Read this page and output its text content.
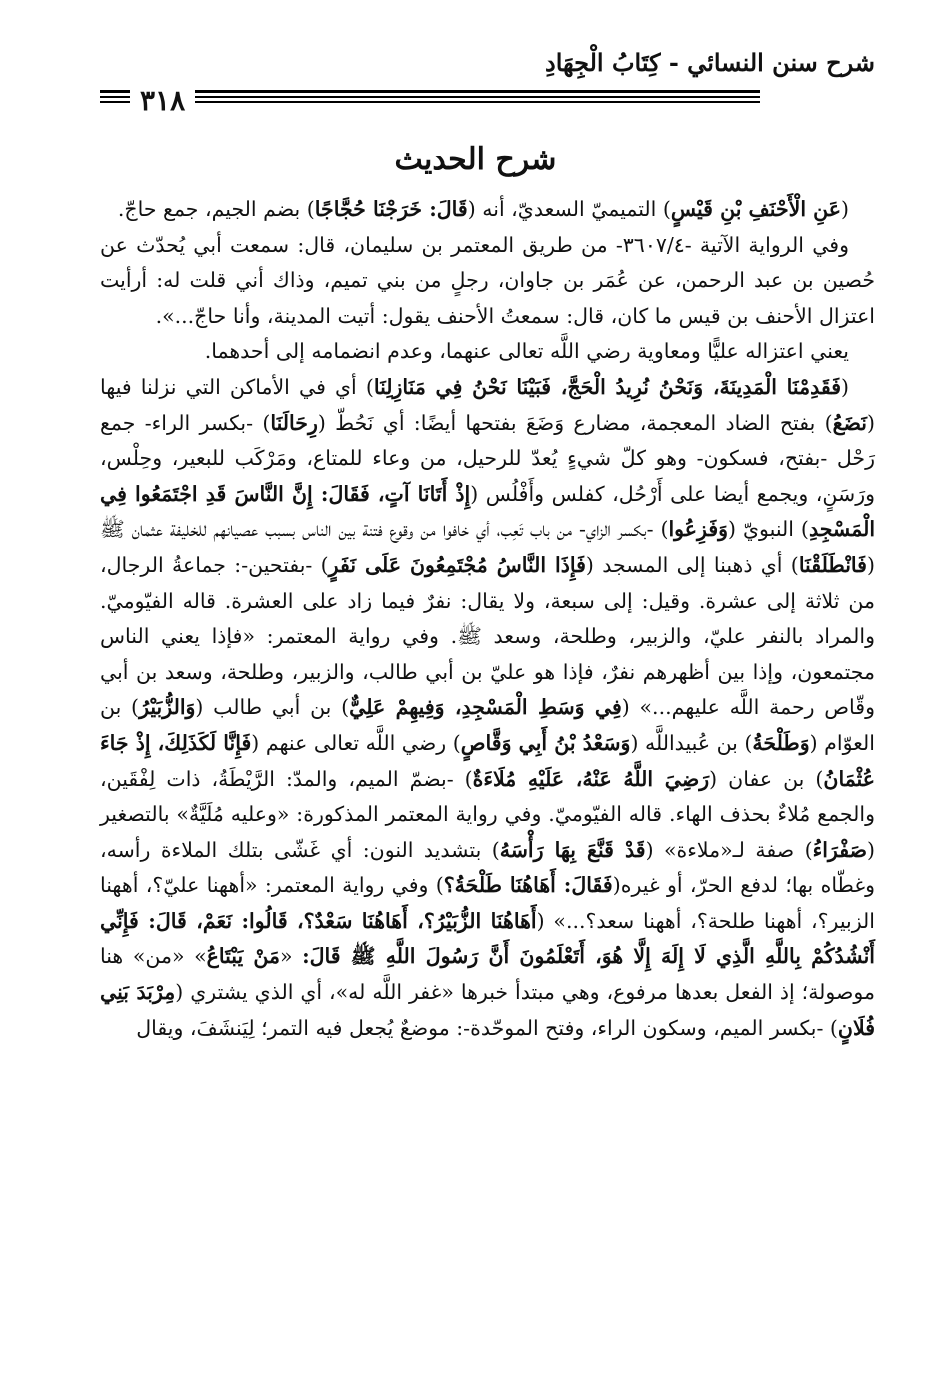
شرح سنن النسائي - كِتَابُ الْجِهَادِ
٣١٨
شرح الحديث

(عَنِ الْأَحْنَفِ بْنِ قَيْسٍ) التميميّ السعديّ، أنه (قَالَ: خَرَجْنَا حُجَّاجًا) بضم الجيم، جمع حاجّ.

وفي الرواية الآتية -٣٦٠٧/٤- من طريق المعتمر بن سليمان، قال: سمعت أبي يُحدّث عن حُصين بن عبد الرحمن، عن عُمَر بن جاوان، رجلٍ من بني تميم، وذاك أني قلت له: أرأيت اعتزال الأحنف بن قيس ما كان، قال: سمعتُ الأحنف يقول: أتيت المدينة، وأنا حاجّ...».

يعني اعتزاله عليًّا ومعاوية رضي اللَّه تعالى عنهما، وعدم انضمامه إلى أحدهما.

(فَقَدِمْنَا الْمَدِينَةَ، وَنَحْنُ نُرِيدُ الْحَجَّ، فَبَيْنَا نَحْنُ فِي مَنَازِلِنَا) أي في الأماكن التي نزلنا فيها (نَضَعُ) بفتح الضاد المعجمة، مضارع وَضَعَ بفتحها أيضًا: أي نَحُطّ (رِحَالَنَا) -بكسر الراء- جمع رَحْل -بفتح، فسكون- وهو كلّ شيءٍ يُعدّ للرحيل، من وعاء للمتاع، ومَرْكَب للبعير، وحِلْس، ورَسَنٍ، ويجمع أيضا على أَرْحُل، كفلس وأَفْلُس (إِذْ أَتَانَا آتٍ، فَقَالَ: إِنَّ النَّاسَ قَدِ اجْتَمَعُوا فِي الْمَسْجِدِ) النبويّ (وَفَزِعُوا) -بكسر الزاي- من باب تَعِب، أي خافوا من وقوع فتنة بين الناس بسبب عصيانهم للخليفة عثمان ﷺ (فَانْطَلَقْنَا) أي ذهبنا إلى المسجد (فَإِذَا النَّاسُ مُجْتَمِعُونَ عَلَى نَفَرٍ) -بفتحين-: جماعةُ الرجال، من ثلاثة إلى عشرة. وقيل: إلى سبعة، ولا يقال: نفرٌ فيما زاد على العشرة. قاله الفيّوميّ. والمراد بالنفر عليّ، والزبير، وطلحة، وسعد ﷺ. وفي رواية المعتمر: «فإذا يعني الناس مجتمعون، وإذا بين أظهرهم نفرٌ، فإذا هو عليّ بن أبي طالب، والزبير، وطلحة، وسعد بن أبي وقّاص رحمة اللَّه عليهم...» (فِي وَسَطِ الْمَسْجِدِ، وَفِيهِمْ عَلِيٌّ) بن أبي طالب (وَالزُّبَيْرُ) بن العوّام (وَطَلْحَةُ) بن عُبيداللَّه (وَسَعْدُ بْنُ أَبِي وَقَّاصٍ) رضي اللَّه تعالى عنهم (فَإِنَّا لَكَذَلِكَ، إِذْ جَاءَ عُثْمَانُ) بن عفان (رَضِيَ اللَّهُ عَنْهُ، عَلَيْهِ مُلَاءَةٌ) -بضمّ الميم، والمدّ: الرَّيْطَةُ، ذات لِفْقَين، والجمع مُلاءٌ بحذف الهاء. قاله الفيّوميّ. وفي رواية المعتمر المذكورة: «وعليه مُلَيَّةٌ» بالتصغير (صَفْرَاءُ) صفة لـ«ملاءة» (قَدْ قَنَّعَ بِهَا رَأْسَهُ) بتشديد النون: أي غَشّى بتلك الملاءة رأسه، وغطّاه بها؛ لدفع الحرّ، أو غيره(فَقَالَ: أَهَاهُنَا طَلْحَةُ؟) وفي رواية المعتمر: «أههنا عليّ؟، أههنا الزبير؟، أههنا طلحة؟، أههنا سعد؟...» (أَهَاهُنَا الزُّبَيْرُ؟، أَهَاهُنَا سَعْدٌ؟، قَالُوا: نَعَمْ، قَالَ: فَإِنِّي أَنْشُدُكُمْ بِاللَّهِ الَّذِي لَا إِلَهَ إِلَّا هُوَ، أَتَعْلَمُونَ أَنَّ رَسُولَ اللَّهِ ﷺ قَالَ: «مَنْ يَبْتَاعُ» «من» هنا موصولة؛ إذ الفعل بعدها مرفوع، وهي مبتدأ خبرها «غفر اللَّه له»، أي الذي يشتري (مِرْبَدَ بَنِي فُلَانٍ) -بكسر الميم، وسكون الراء، وفتح الموحّدة-: موضعٌ يُجعل فيه التمر؛ لِيَنشَفَ، ويقال
